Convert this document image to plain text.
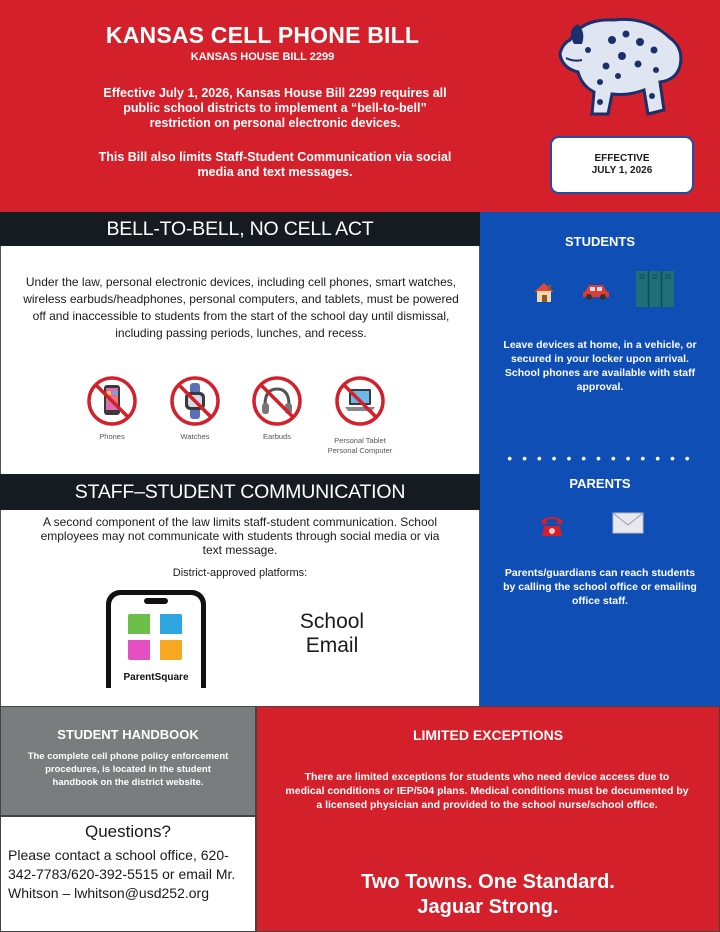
KANSAS CELL PHONE BILL
KANSAS HOUSE BILL 2299
Effective July 1, 2026, Kansas House Bill 2299 requires all public school districts to implement a “bell-to-bell” restriction on personal electronic devices.
This Bill also limits Staff-Student Communication via social media and text messages.
EFFECTIVE
JULY 1, 2026
BELL-TO-BELL, NO CELL ACT
Under the law, personal electronic devices, including cell phones, smart watches, wireless earbuds/headphones, personal computers, and tablets, must be powered off and inaccessible to students from the start of the school day until dismissal, including passing periods, lunches, and recess.
Phones	Watches	Earbuds	Personal Tablet
Personal Computer
STAFF–STUDENT COMMUNICATION
A second component of the law limits staff-student communication. School employees may not communicate with students through social media or via text message.
District-approved platforms:
ParentSquare
School
Email
STUDENTS
Leave devices at home, in a vehicle, or secured in your locker upon arrival. School phones are available with staff approval.
• • • • • • • • • • • • •
PARENTS
Parents/guardians can reach students by calling the school office or emailing office staff.
STUDENT HANDBOOK
The complete cell phone policy enforcement procedures, is located in the student handbook on the district website.
Questions?
Please contact a school office, 620-342-7783/620-392-5515 or email Mr. Whitson – lwhitson@usd252.org
LIMITED EXCEPTIONS
There are limited exceptions for students who need device access due to medical conditions or IEP/504 plans. Medical conditions must be documented by a licensed physician and provided to the school nurse/school office.
Two Towns. One Standard.
Jaguar Strong.
